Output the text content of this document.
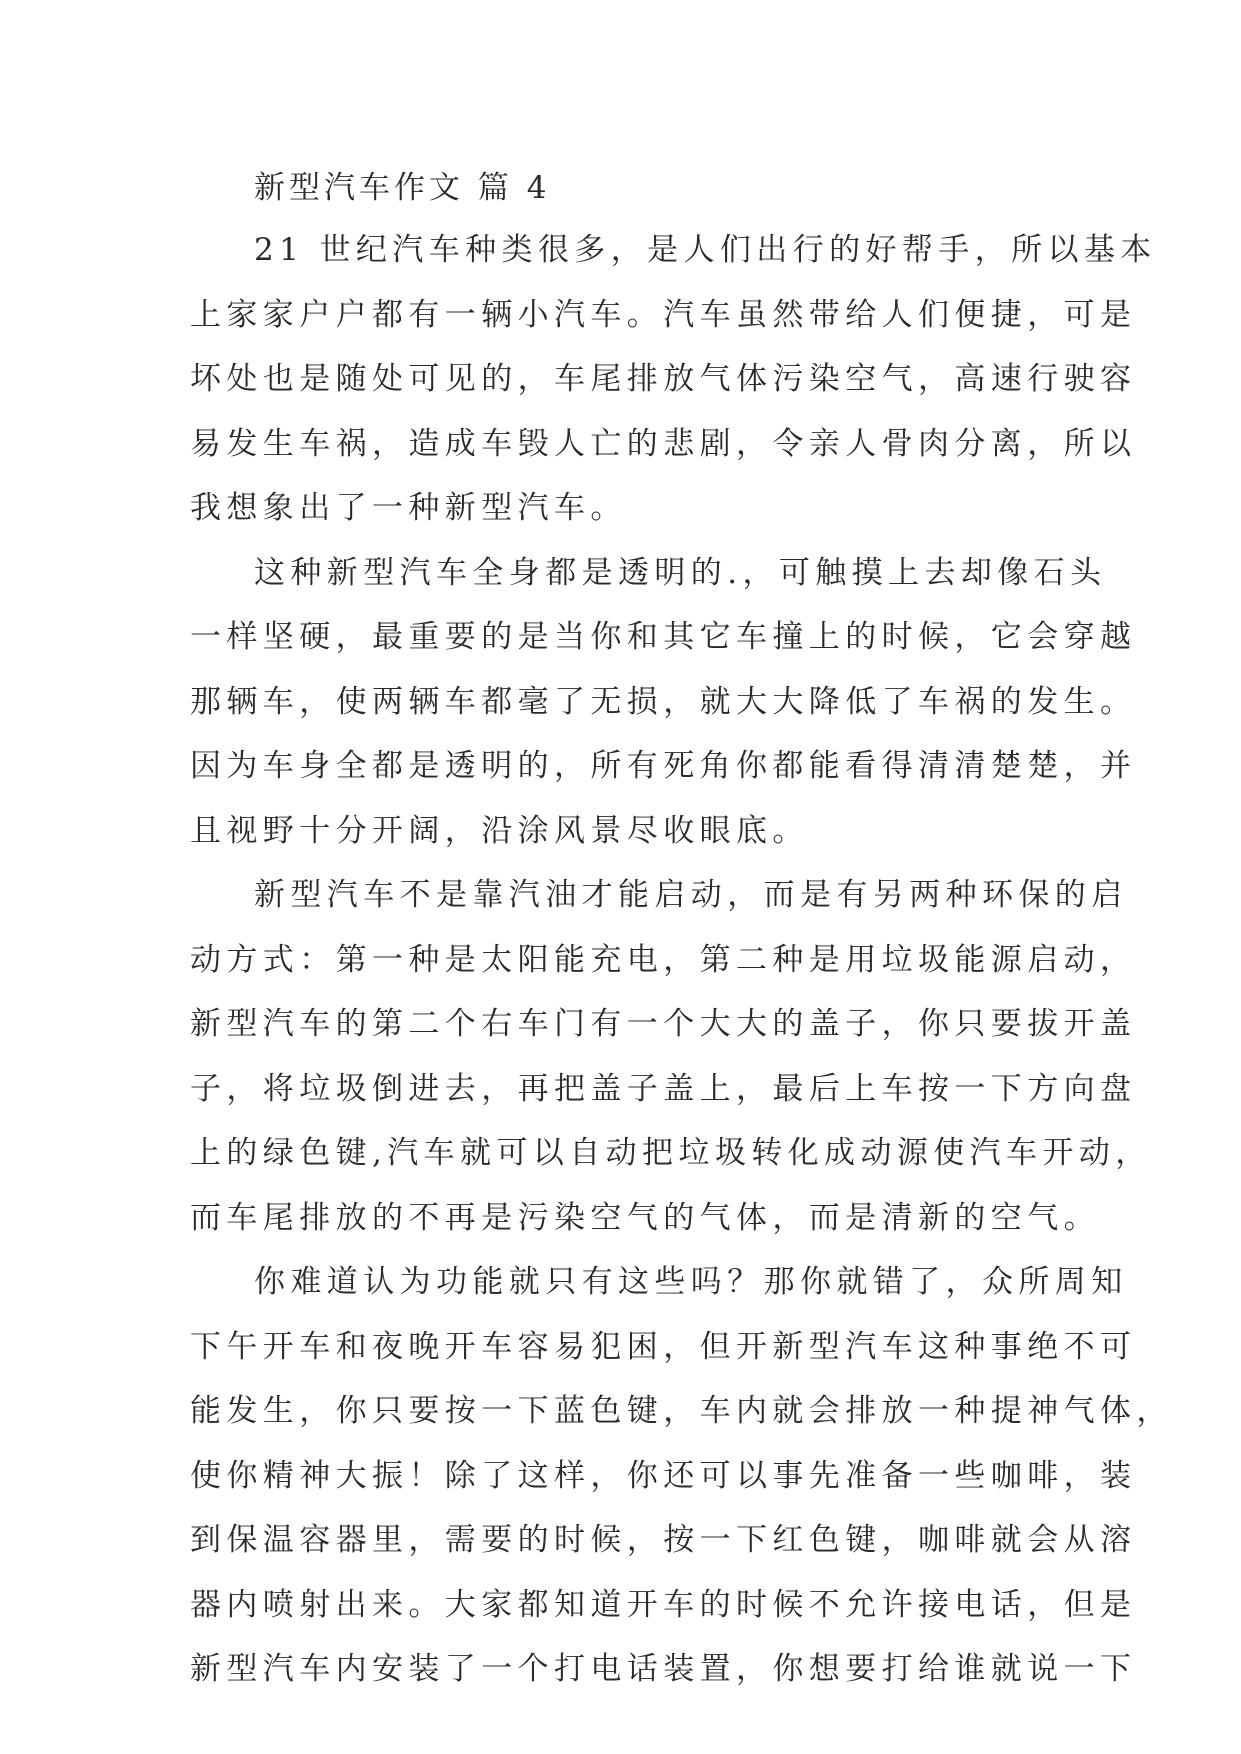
新型汽车作文 篇 4
21 世纪汽车种类很多，是人们出行的好帮手，所以基本
上家家户户都有一辆小汽车。汽车虽然带给人们便捷，可是
坏处也是随处可见的，车尾排放气体污染空气，高速行驶容
易发生车祸，造成车毁人亡的悲剧，令亲人骨肉分离，所以
我想象出了一种新型汽车。
这种新型汽车全身都是透明的.，可触摸上去却像石头
一样坚硬，最重要的是当你和其它车撞上的时候，它会穿越
那辆车，使两辆车都毫了无损，就大大降低了车祸的发生。
因为车身全都是透明的，所有死角你都能看得清清楚楚，并
且视野十分开阔，沿涂风景尽收眼底。
新型汽车不是靠汽油才能启动，而是有另两种环保的启
动方式：第一种是太阳能充电，第二种是用垃圾能源启动，
新型汽车的第二个右车门有一个大大的盖子，你只要拔开盖
子，将垃圾倒进去，再把盖子盖上，最后上车按一下方向盘
上的绿色键,汽车就可以自动把垃圾转化成动源使汽车开动，
而车尾排放的不再是污染空气的气体，而是清新的空气。
你难道认为功能就只有这些吗？那你就错了，众所周知
下午开车和夜晚开车容易犯困，但开新型汽车这种事绝不可
能发生，你只要按一下蓝色键，车内就会排放一种提神气体，
使你精神大振！除了这样，你还可以事先准备一些咖啡，装
到保温容器里，需要的时候，按一下红色键，咖啡就会从溶
器内喷射出来。大家都知道开车的时候不允许接电话，但是
新型汽车内安装了一个打电话装置，你想要打给谁就说一下
